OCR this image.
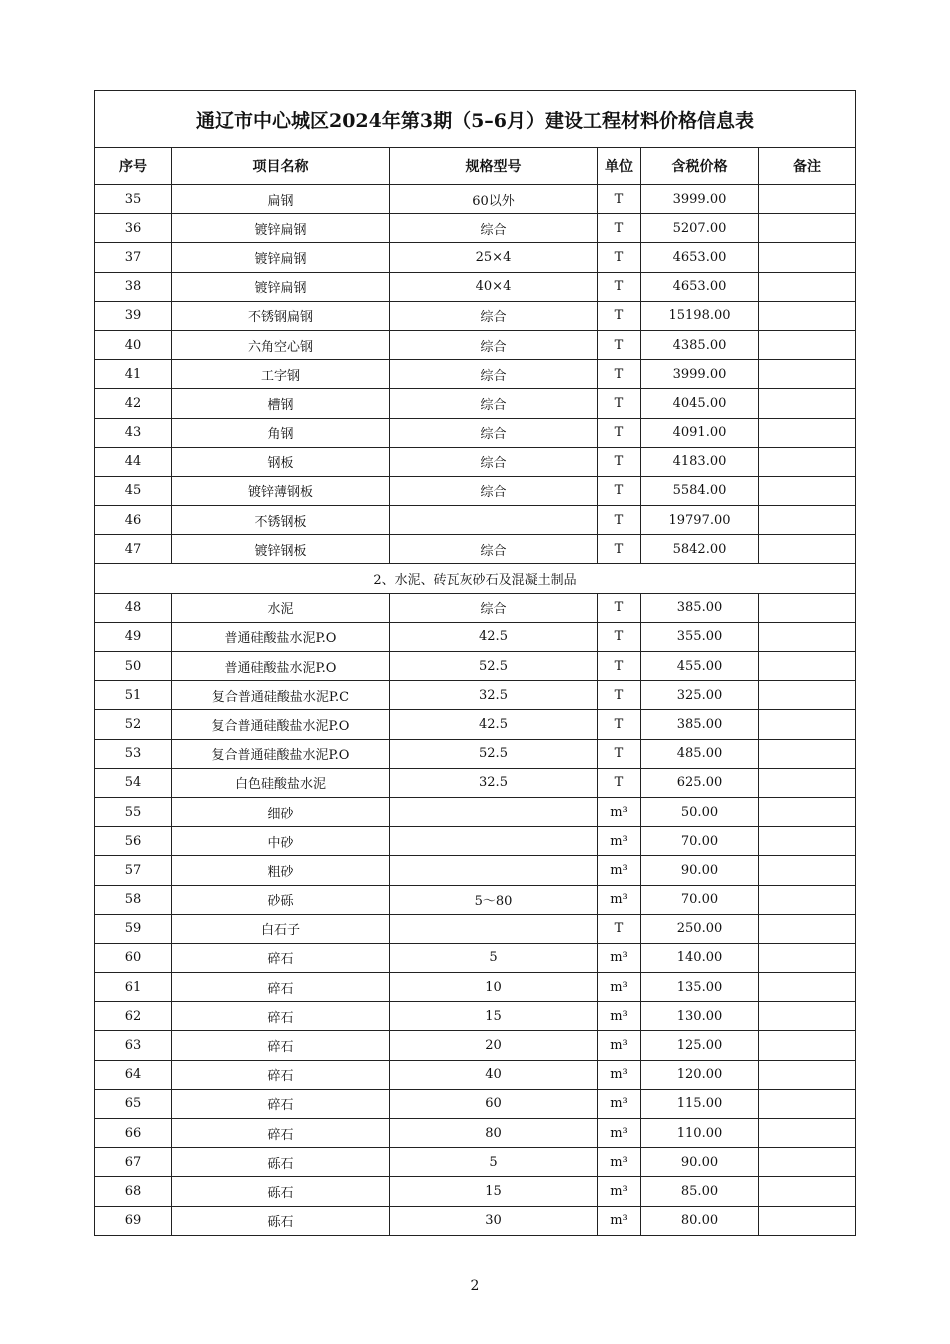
通辽市中心城区2024年第3期（5–6月）建设工程材料价格信息表					
序号	项目名称	规格型号	单位	含税价格	备注
35	扁钢	60以外	T	3999.00	
36	镀锌扁钢	综合	T	5207.00	
37	镀锌扁钢	25×4	T	4653.00	
38	镀锌扁钢	40×4	T	4653.00	
39	不锈钢扁钢	综合	T	15198.00	
40	六角空心钢	综合	T	4385.00	
41	工字钢	综合	T	3999.00	
42	槽钢	综合	T	4045.00	
43	角钢	综合	T	4091.00	
44	钢板	综合	T	4183.00	
45	镀锌薄钢板	综合	T	5584.00	
46	不锈钢板		T	19797.00	
47	镀锌钢板	综合	T	5842.00	
2、水泥、砖瓦灰砂石及混凝土制品					
48	水泥	综合	T	385.00	
49	普通硅酸盐水泥P.O	42.5	T	355.00	
50	普通硅酸盐水泥P.O	52.5	T	455.00	
51	复合普通硅酸盐水泥P.C	32.5	T	325.00	
52	复合普通硅酸盐水泥P.O	42.5	T	385.00	
53	复合普通硅酸盐水泥P.O	52.5	T	485.00	
54	白色硅酸盐水泥	32.5	T	625.00	
55	细砂		m³	50.00	
56	中砂		m³	70.00	
57	粗砂		m³	90.00	
58	砂砾	5～80	m³	70.00	
59	白石子		T	250.00	
60	碎石	5	m³	140.00	
61	碎石	10	m³	135.00	
62	碎石	15	m³	130.00	
63	碎石	20	m³	125.00	
64	碎石	40	m³	120.00	
65	碎石	60	m³	115.00	
66	碎石	80	m³	110.00	
67	砾石	5	m³	90.00	
68	砾石	15	m³	85.00	
69	砾石	30	m³	80.00	
2
